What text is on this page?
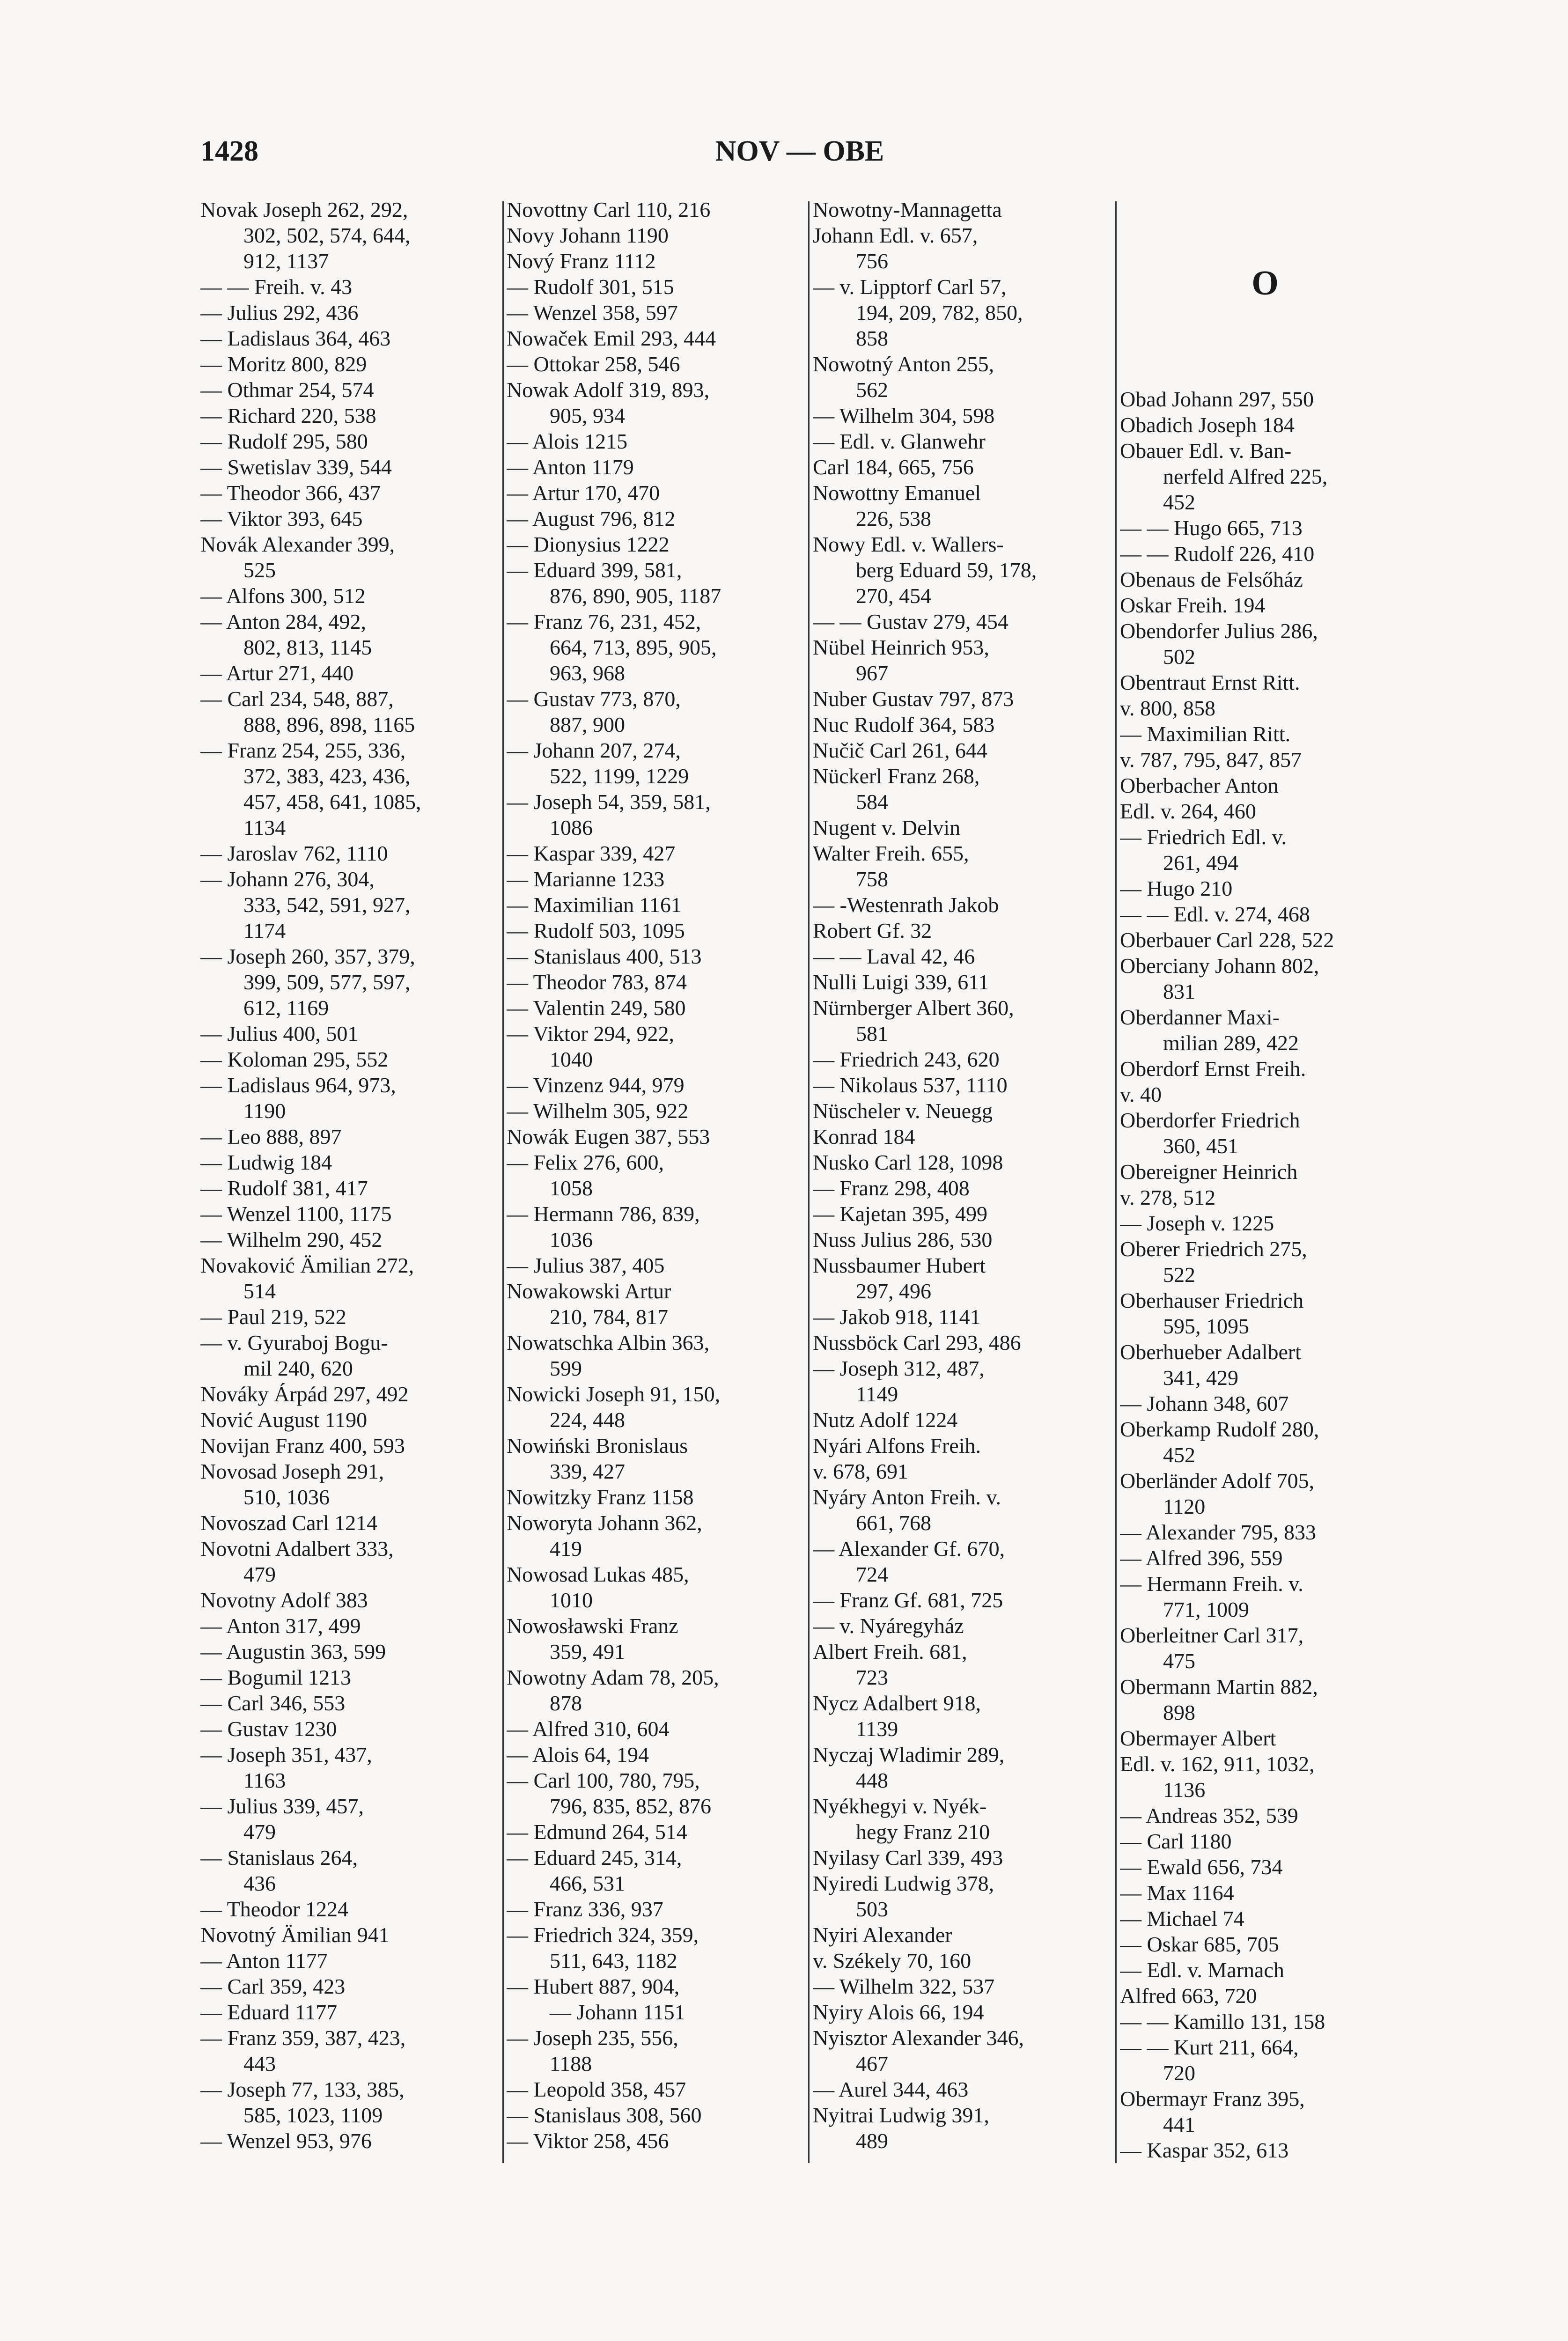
1428	NOV — OBE
Novak Joseph 262, 292,
302, 502, 574, 644,
912, 1137
— — Freih. v. 43
— Julius 292, 436
— Ladislaus 364, 463
— Moritz 800, 829
— Othmar 254, 574
— Richard 220, 538
— Rudolf 295, 580
— Swetislav 339, 544
— Theodor 366, 437
— Viktor 393, 645
Novák Alexander 399,
525
— Alfons 300, 512
— Anton 284, 492,
802, 813, 1145
— Artur 271, 440
— Carl 234, 548, 887,
888, 896, 898, 1165
— Franz 254, 255, 336,
372, 383, 423, 436,
457, 458, 641, 1085,
1134
— Jaroslav 762, 1110
— Johann 276, 304,
333, 542, 591, 927,
1174
— Joseph 260, 357, 379,
399, 509, 577, 597,
612, 1169
— Julius 400, 501
— Koloman 295, 552
— Ladislaus 964, 973,
1190
— Leo 888, 897
— Ludwig 184
— Rudolf 381, 417
— Wenzel 1100, 1175
— Wilhelm 290, 452
Novaković Ämilian 272,
514
— Paul 219, 522
— v. Gyuraboj Bogu-
mil 240, 620
Nováky Árpád 297, 492
Nović August 1190
Novijan Franz 400, 593
Novosad Joseph 291,
510, 1036
Novoszad Carl 1214
Novotni Adalbert 333,
479
Novotny Adolf 383
— Anton 317, 499
— Augustin 363, 599
— Bogumil 1213
— Carl 346, 553
— Gustav 1230
— Joseph 351, 437,
1163
— Julius 339, 457,
479
— Stanislaus 264,
436
— Theodor 1224
Novotný Ämilian 941
— Anton 1177
— Carl 359, 423
— Eduard 1177
— Franz 359, 387, 423,
443
— Joseph 77, 133, 385,
585, 1023, 1109
— Wenzel 953, 976
Novottny Carl 110, 216
Novy Johann 1190
Nový Franz 1112
— Rudolf 301, 515
— Wenzel 358, 597
Nowaček Emil 293, 444
— Ottokar 258, 546
Nowak Adolf 319, 893,
905, 934
— Alois 1215
— Anton 1179
— Artur 170, 470
— August 796, 812
— Dionysius 1222
— Eduard 399, 581,
876, 890, 905, 1187
— Franz 76, 231, 452,
664, 713, 895, 905,
963, 968
— Gustav 773, 870,
887, 900
— Johann 207, 274,
522, 1199, 1229
— Joseph 54, 359, 581,
1086
— Kaspar 339, 427
— Marianne 1233
— Maximilian 1161
— Rudolf 503, 1095
— Stanislaus 400, 513
— Theodor 783, 874
— Valentin 249, 580
— Viktor 294, 922,
1040
— Vinzenz 944, 979
— Wilhelm 305, 922
Nowák Eugen 387, 553
— Felix 276, 600,
1058
— Hermann 786, 839,
1036
— Julius 387, 405
Nowakowski Artur
210, 784, 817
Nowatschka Albin 363,
599
Nowicki Joseph 91, 150,
224, 448
Nowiński Bronislaus
339, 427
Nowitzky Franz 1158
Noworyta Johann 362,
419
Nowosad Lukas 485,
1010
Nowosławski Franz
359, 491
Nowotny Adam 78, 205,
878
— Alfred 310, 604
— Alois 64, 194
— Carl 100, 780, 795,
796, 835, 852, 876
— Edmund 264, 514
— Eduard 245, 314,
466, 531
— Franz 336, 937
— Friedrich 324, 359,
511, 643, 1182
— Hubert 887, 904,
— Johann 1151
— Joseph 235, 556,
1188
— Leopold 358, 457
— Stanislaus 308, 560
— Viktor 258, 456
Nowotny-Mannagetta
Johann Edl. v. 657,
756
— v. Lipptorf Carl 57,
194, 209, 782, 850,
858
Nowotný Anton 255,
562
— Wilhelm 304, 598
— Edl. v. Glanwehr
Carl 184, 665, 756
Nowottny Emanuel
226, 538
Nowy Edl. v. Wallers-
berg Eduard 59, 178,
270, 454
— — Gustav 279, 454
Nübel Heinrich 953,
967
Nuber Gustav 797, 873
Nuc Rudolf 364, 583
Nučič Carl 261, 644
Nückerl Franz 268,
584
Nugent v. Delvin
Walter Freih. 655,
758
— -Westenrath Jakob
Robert Gf. 32
— — Laval 42, 46
Nulli Luigi 339, 611
Nürnberger Albert 360,
581
— Friedrich 243, 620
— Nikolaus 537, 1110
Nüscheler v. Neuegg
Konrad 184
Nusko Carl 128, 1098
— Franz 298, 408
— Kajetan 395, 499
Nuss Julius 286, 530
Nussbaumer Hubert
297, 496
— Jakob 918, 1141
Nussböck Carl 293, 486
— Joseph 312, 487,
1149
Nutz Adolf 1224
Nyári Alfons Freih.
v. 678, 691
Nyáry Anton Freih. v.
661, 768
— Alexander Gf. 670,
724
— Franz Gf. 681, 725
— v. Nyáregyház
Albert Freih. 681,
723
Nycz Adalbert 918,
1139
Nyczaj Wladimir 289,
448
Nyékhegyi v. Nyék-
hegy Franz 210
Nyilasy Carl 339, 493
Nyiredi Ludwig 378,
503
Nyiri Alexander
v. Székely 70, 160
— Wilhelm 322, 537
Nyiry Alois 66, 194
Nyisztor Alexander 346,
467
— Aurel 344, 463
Nyitrai Ludwig 391,
489
O
Obad Johann 297, 550
Obadich Joseph 184
Obauer Edl. v. Ban-
nerfeld Alfred 225,
452
— — Hugo 665, 713
— — Rudolf 226, 410
Obenaus de Felsőház
Oskar Freih. 194
Obendorfer Julius 286,
502
Obentraut Ernst Ritt.
v. 800, 858
— Maximilian Ritt.
v. 787, 795, 847, 857
Oberbacher Anton
Edl. v. 264, 460
— Friedrich Edl. v.
261, 494
— Hugo 210
— — Edl. v. 274, 468
Oberbauer Carl 228, 522
Oberciany Johann 802,
831
Oberdanner Maxi-
milian 289, 422
Oberdorf Ernst Freih.
v. 40
Oberdorfer Friedrich
360, 451
Obereigner Heinrich
v. 278, 512
— Joseph v. 1225
Oberer Friedrich 275,
522
Oberhauser Friedrich
595, 1095
Oberhueber Adalbert
341, 429
— Johann 348, 607
Oberkamp Rudolf 280,
452
Oberländer Adolf 705,
1120
— Alexander 795, 833
— Alfred 396, 559
— Hermann Freih. v.
771, 1009
Oberleitner Carl 317,
475
Obermann Martin 882,
898
Obermayer Albert
Edl. v. 162, 911, 1032,
1136
— Andreas 352, 539
— Carl 1180
— Ewald 656, 734
— Max 1164
— Michael 74
— Oskar 685, 705
— Edl. v. Marnach
Alfred 663, 720
— — Kamillo 131, 158
— — Kurt 211, 664,
720
Obermayr Franz 395,
441
— Kaspar 352, 613
